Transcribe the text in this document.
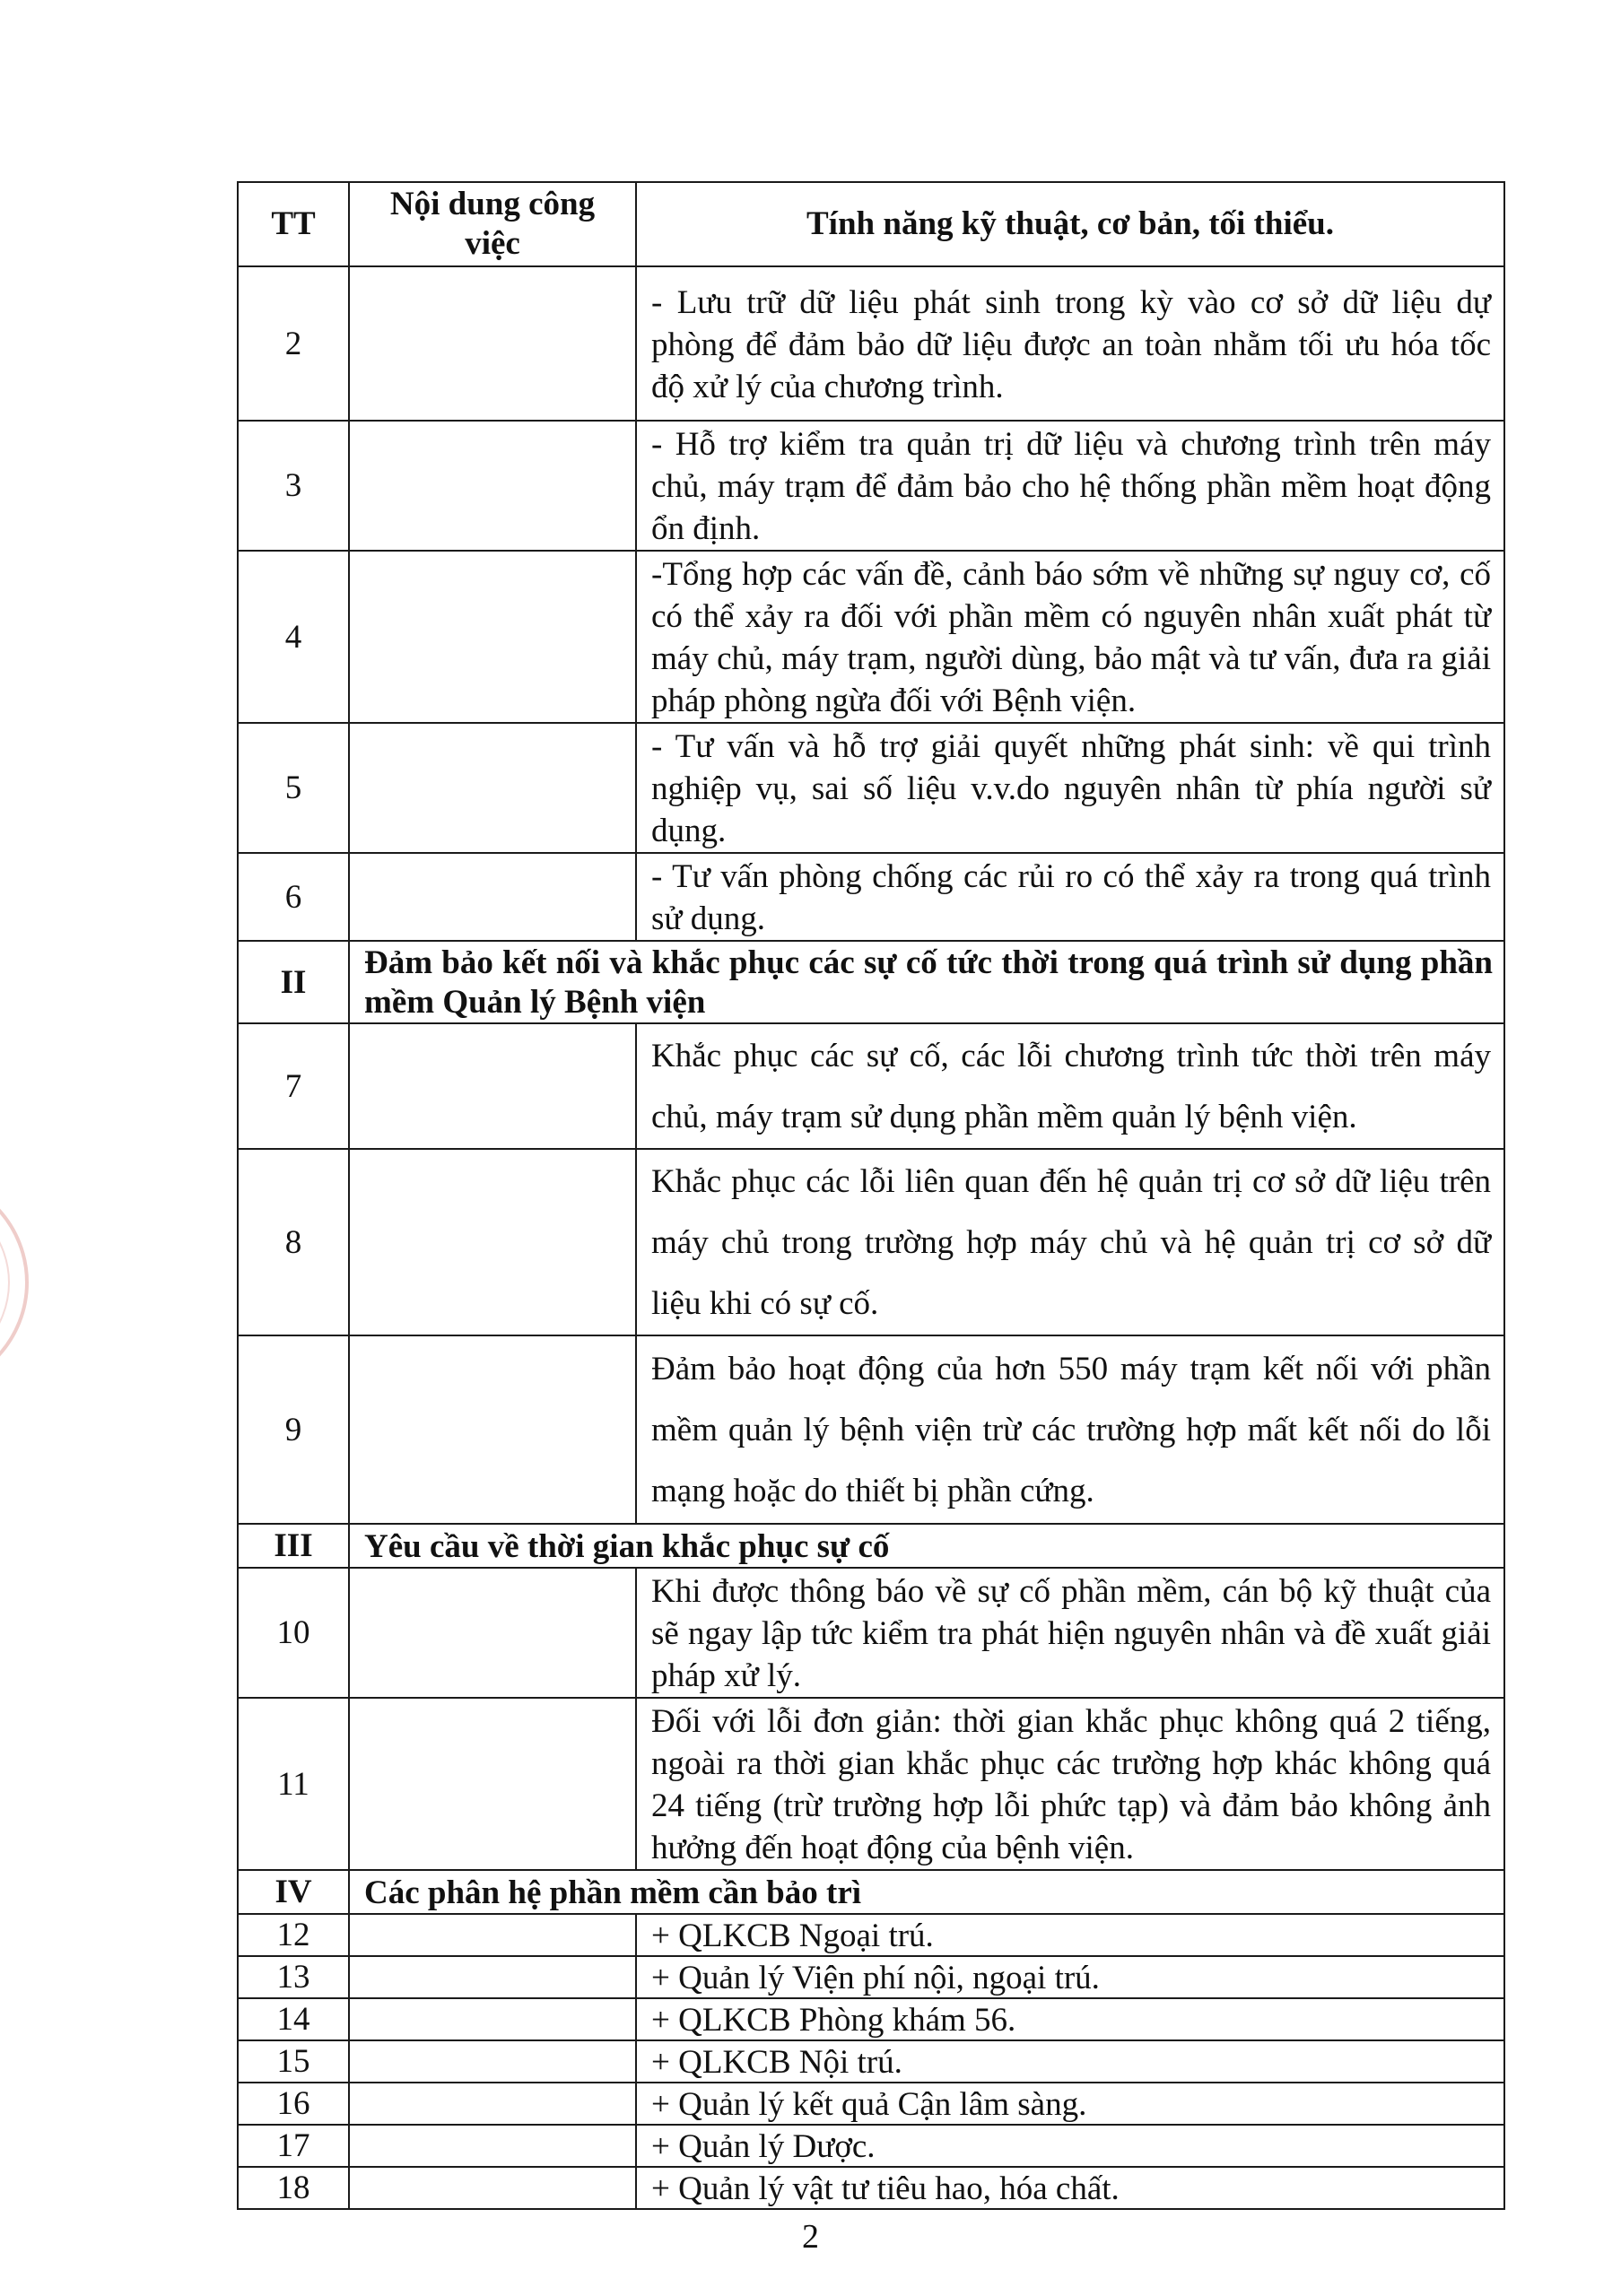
TT	Nội dung công việc	Tính năng kỹ thuật, cơ bản, tối thiểu.
2		- Lưu trữ dữ liệu phát sinh trong kỳ vào cơ sở dữ liệu dự phòng để đảm bảo dữ liệu được an toàn nhằm tối ưu hóa tốc độ xử lý của chương trình.
3		- Hỗ trợ kiểm tra quản trị dữ liệu và chương trình trên máy chủ, máy trạm để đảm bảo cho hệ thống phần mềm hoạt động ổn định.
4		-Tổng hợp các vấn đề, cảnh báo sớm về những sự nguy cơ, cố có thể xảy ra đối với phần mềm có nguyên nhân xuất phát từ máy chủ, máy trạm, người dùng, bảo mật và tư vấn, đưa ra giải pháp phòng ngừa đối với Bệnh viện.
5		- Tư vấn và hỗ trợ giải quyết những phát sinh: về qui trình nghiệp vụ, sai số liệu v.v.do nguyên nhân từ phía người sử dụng.
6		- Tư vấn phòng chống các rủi ro có thể xảy ra trong quá trình sử dụng.
II	Đảm bảo kết nối và khắc phục các sự cố tức thời trong quá trình sử dụng phần mềm Quản lý Bệnh viện	
7		Khắc phục các sự cố, các lỗi chương trình tức thời trên máy chủ, máy trạm sử dụng phần mềm quản lý bệnh viện.
8		Khắc phục các lỗi liên quan đến hệ quản trị cơ sở dữ liệu trên máy chủ trong trường hợp máy chủ và hệ quản trị cơ sở dữ liệu khi có sự cố.
9		Đảm bảo hoạt động của hơn 550 máy trạm kết nối với phần mềm quản lý bệnh viện trừ các trường hợp mất kết nối do lỗi mạng hoặc do thiết bị phần cứng.
III	Yêu cầu về thời gian khắc phục sự cố	
10		Khi được thông báo về sự cố phần mềm, cán bộ kỹ thuật của sẽ ngay lập tức kiểm tra phát hiện nguyên nhân và đề xuất giải pháp xử lý.
11		Đối với lỗi đơn giản: thời gian khắc phục không quá 2 tiếng, ngoài ra thời gian khắc phục các trường hợp khác không quá 24 tiếng (trừ trường hợp lỗi phức tạp) và đảm bảo không ảnh hưởng đến hoạt động của bệnh viện.
IV	Các phân hệ phần mềm cần bảo trì	
12		+ QLKCB Ngoại trú.
13		+ Quản lý Viện phí nội, ngoại trú.
14		+ QLKCB Phòng khám 56.
15		+ QLKCB Nội trú.
16		+ Quản lý kết quả Cận lâm sàng.
17		+ Quản lý Dược.
18		+ Quản lý vật tư tiêu hao, hóa chất.
2
